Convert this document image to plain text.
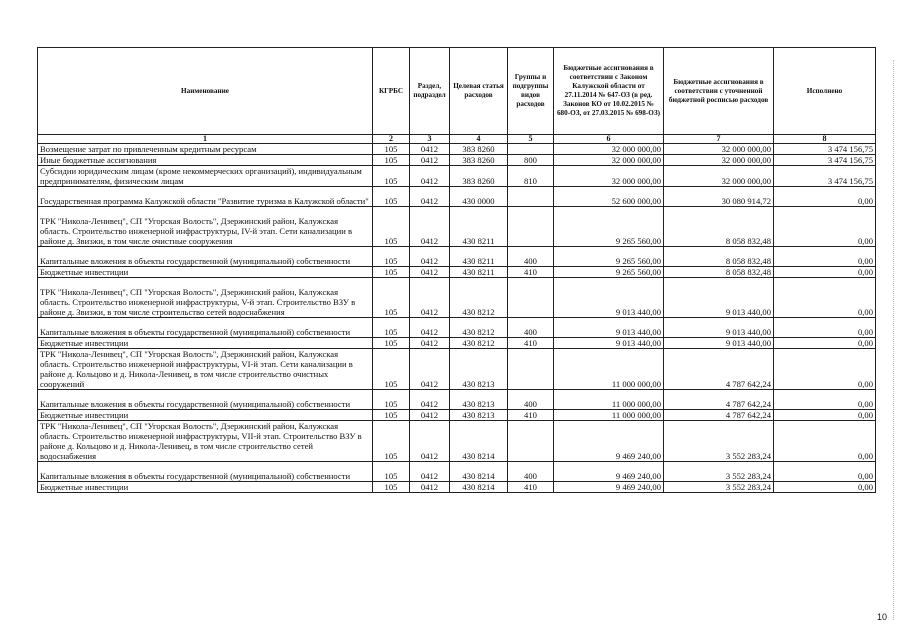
Наименование	КГРБС	Раздел, подраздел	Целевая статья расходов	Группы и подгруппы видов расходов	Бюджетные ассигнования в соответствии с Законом Калужской области от 27.11.2014 № 647-ОЗ (в ред. Законов КО от 10.02.2015 № 680-ОЗ, от 27.03.2015 № 698-ОЗ)	Бюджетные ассигнования в соответствии с уточненной бюджетной росписью расходов	Исполнено
1	2	3	4	5	6	7	8
Возмещение затрат по привлеченным кредитным ресурсам	105	0412	383 8260		32 000 000,00	32 000 000,00	3 474 156,75
Иные бюджетные ассигнования	105	0412	383 8260	800	32 000 000,00	32 000 000,00	3 474 156,75
Субсидии юридическим лицам (кроме некоммерческих организаций), индивидуальным предпринимателям, физическим лицам	105	0412	383 8260	810	32 000 000,00	32 000 000,00	3 474 156,75
Государственная программа Калужской области "Развитие туризма в Калужской области"	105	0412	430 0000		52 600 000,00	30 080 914,72	0,00
ТРК "Никола-Ленивец", СП "Угорская Волость", Дзержинский район, Калужская область. Строительство инженерной инфраструктуры, IV-й этап. Сети канализации в районе д. Звизжи, в том числе очистные сооружения	105	0412	430 8211		9 265 560,00	8 058 832,48	0,00
Капитальные вложения в объекты государственной (муниципальной) собственности	105	0412	430 8211	400	9 265 560,00	8 058 832,48	0,00
Бюджетные инвестиции	105	0412	430 8211	410	9 265 560,00	8 058 832,48	0,00
ТРК "Никола-Ленивец", СП "Угорская Волость", Дзержинский район, Калужская область. Строительство инженерной инфраструктуры, V-й этап. Строительство ВЗУ в районе д. Звизжи, в том числе строительство сетей водоснабжения	105	0412	430 8212		9 013 440,00	9 013 440,00	0,00
Капитальные вложения в объекты государственной (муниципальной) собственности	105	0412	430 8212	400	9 013 440,00	9 013 440,00	0,00
Бюджетные инвестиции	105	0412	430 8212	410	9 013 440,00	9 013 440,00	0,00
ТРК "Никола-Ленивец", СП "Угорская Волость", Дзержинский район, Калужская область. Строительство инженерной инфраструктуры, VI-й этап. Сети канализации в районе д. Кольцово и д. Никола-Ленивец, в том числе строительство очистных сооружений	105	0412	430 8213		11 000 000,00	4 787 642,24	0,00
Капитальные вложения в объекты государственной (муниципальной) собственности	105	0412	430 8213	400	11 000 000,00	4 787 642,24	0,00
Бюджетные инвестиции	105	0412	430 8213	410	11 000 000,00	4 787 642,24	0,00
ТРК "Никола-Ленивец", СП "Угорская Волость", Дзержинский район, Калужская область. Строительство инженерной инфраструктуры, VII-й этап. Строительство ВЗУ в районе д. Кольцово и д. Никола-Ленивец, в том числе строительство сетей водоснабжения	105	0412	430 8214		9 469 240,00	3 552 283,24	0,00
Капитальные вложения в объекты государственной (муниципальной) собственности	105	0412	430 8214	400	9 469 240,00	3 552 283,24	0,00
Бюджетные инвестиции	105	0412	430 8214	410	9 469 240,00	3 552 283,24	0,00
10
